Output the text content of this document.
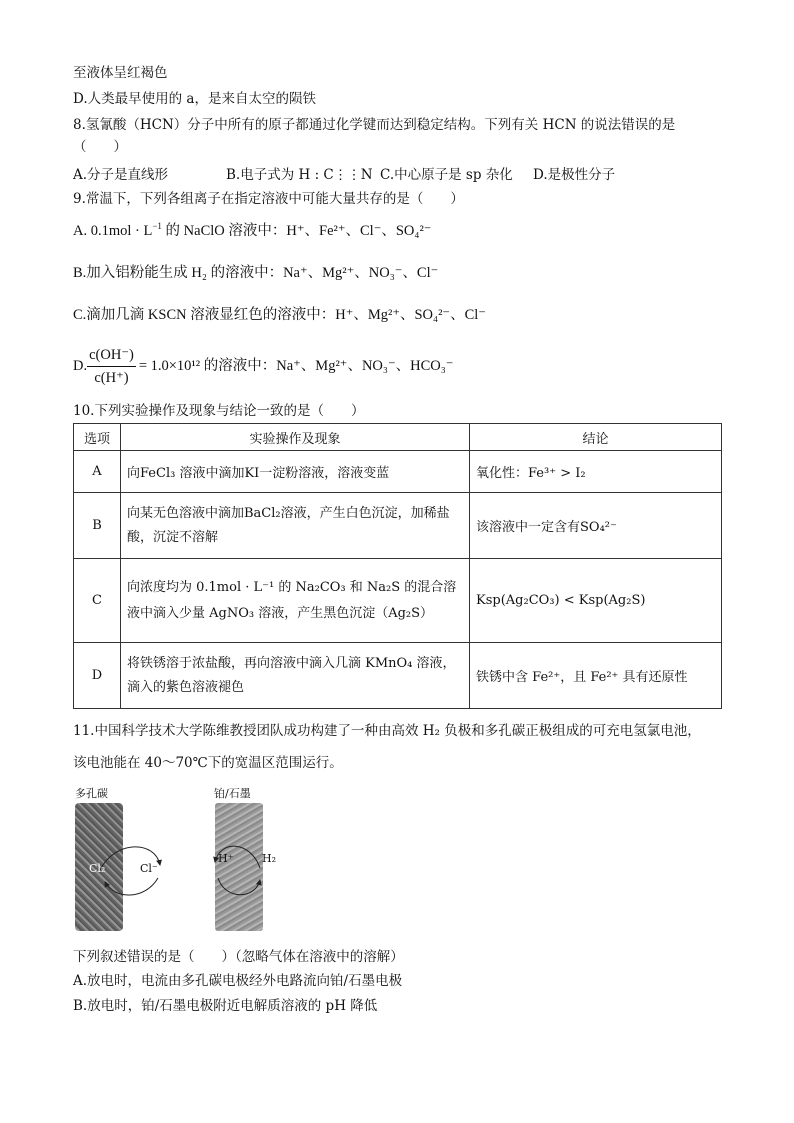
至液体呈红褐色
D.人类最早使用的 a，是来自太空的陨铁
8.氢氰酸（HCN）分子中所有的原子都通过化学键而达到稳定结构。下列有关 HCN 的说法错误的是
（　　）
A.分子是直线形	B.电子式为 H : C⋮⋮N C.中心原子是 sp 杂化 D.是极性分子
9.常温下，下列各组离子在指定溶液中可能大量共存的是（　　）
A. $0.1mol \cdot L^{-1}$ 的 NaClO 溶液中：H⁺、Fe²⁺、Cl⁻、SO₄²⁻
B.加入铝粉能生成 H₂ 的溶液中：Na⁺、Mg²⁺、NO₃⁻、Cl⁻
C.滴加几滴 KSCN 溶液显红色的溶液中：H⁺、Mg²⁺、SO₄²⁻、Cl⁻
D. $\frac{c(OH^-)}{c(H^+)} = 1.0\times 10^{12}$ 的溶液中：Na⁺、Mg²⁺、NO₃⁻、HCO₃⁻
10.下列实验操作及现象与结论一致的是（　　）
选项	实验操作及现象	结论
A	向FeCl₃ 溶液中滴加KI一淀粉溶液，溶液变蓝	氧化性：Fe³⁺ > I₂
B	向某无色溶液中滴加BaCl₂溶液，产生白色沉淀，加稀盐酸，沉淀不溶解	该溶液中一定含有SO₄²⁻
C	向浓度均为 0.1mol · L⁻¹ 的 Na₂CO₃ 和 Na₂S 的混合溶液中滴入少量 AgNO₃ 溶液，产生黑色沉淀（Ag₂S）	Ksp(Ag₂CO₃) < Ksp(Ag₂S)
D	将铁锈溶于浓盐酸，再向溶液中滴入几滴 KMnO₄ 溶液，滴入的紫色溶液褪色	铁锈中含 Fe²⁺，且 Fe²⁺ 具有还原性
11.中国科学技术大学陈维教授团队成功构建了一种由高效 H₂ 负极和多孔碳正极组成的可充电氢氯电池，
该电池能在 40～70℃下的宽温区范围运行。
多孔碳	铂/石墨
Cl₂	Cl⁻
H⁺	H₂
下列叙述错误的是（　　）（忽略气体在溶液中的溶解）
A.放电时，电流由多孔碳电极经外电路流向铂/石墨电极
B.放电时，铂/石墨电极附近电解质溶液的 pH 降低
